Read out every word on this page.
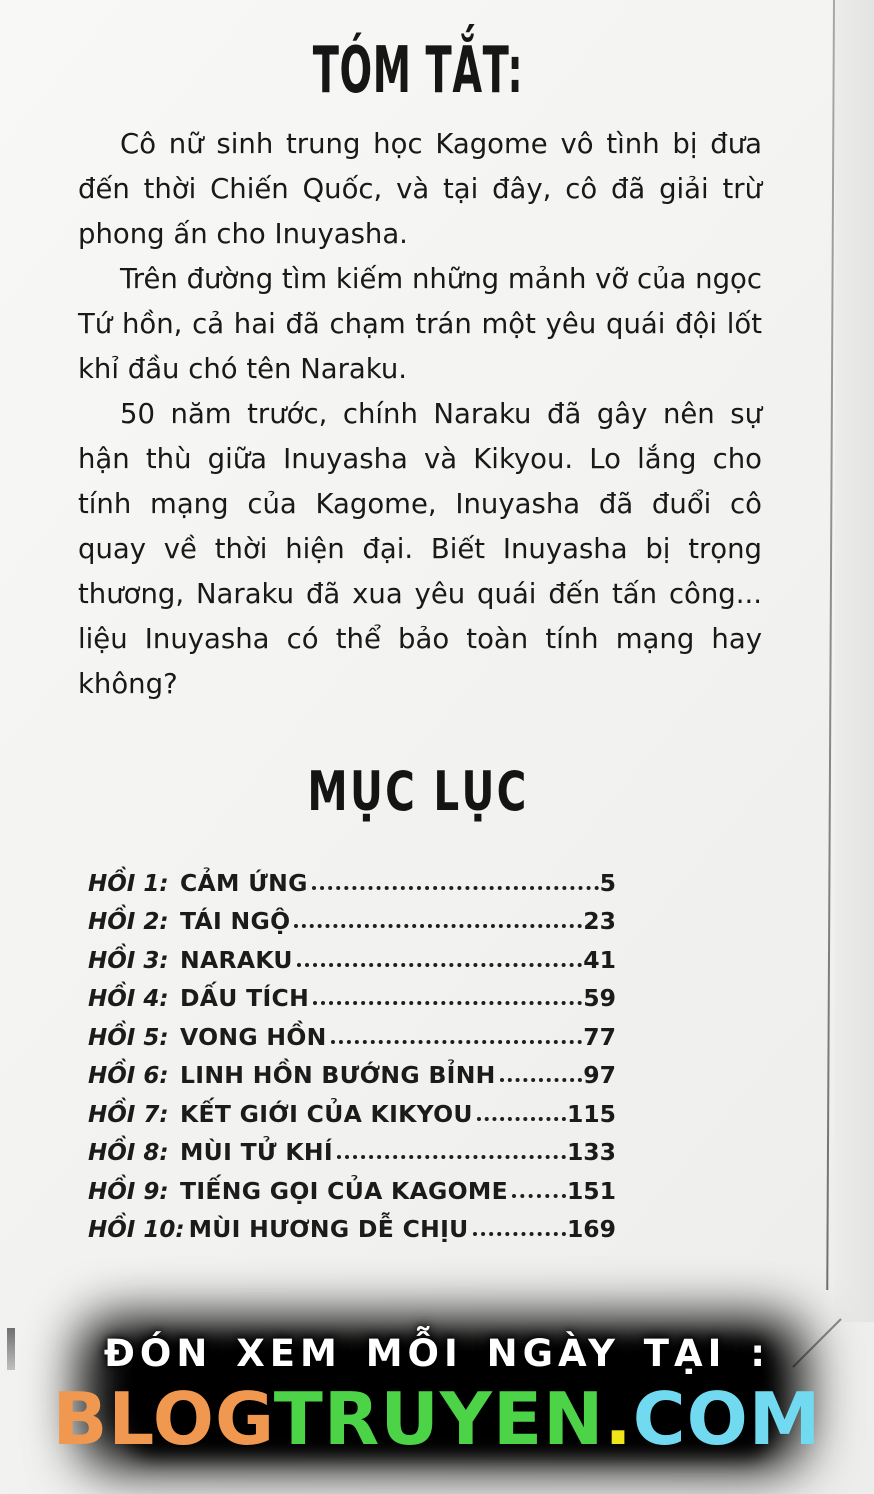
TÓM TẮT:

Cô nữ sinh trung học Kagome vô tình bị đưa đến thời Chiến Quốc, và tại đây, cô đã giải trừ phong ấn cho Inuyasha.

Trên đường tìm kiếm những mảnh vỡ của ngọc Tứ hồn, cả hai đã chạm trán một yêu quái đội lốt khỉ đầu chó tên Naraku.

50 năm trước, chính Naraku đã gây nên sự hận thù giữa Inuyasha và Kikyou. Lo lắng cho tính mạng của Kagome, Inuyasha đã đuổi cô quay về thời hiện đại. Biết Inuyasha bị trọng thương, Naraku đã xua yêu quái đến tấn công... liệu Inuyasha có thể bảo toàn tính mạng hay không?

MỤC LỤC
HỒI 1: CẢM ỨNG	5
HỒI 2: TÁI NGỘ	23
HỒI 3: NARAKU	41
HỒI 4: DẤU TÍCH	59
HỒI 5: VONG HỒN	77
HỒI 6: LINH HỒN BƯỚNG BỈNH	97
HỒI 7: KẾT GIỚI CỦA KIKYOU	115
HỒI 8: MÙI TỬ KHÍ	133
HỒI 9: TIẾNG GỌI CỦA KAGOME	151
HỒI 10: MÙI HƯƠNG DỄ CHỊU	169
ĐÓN XEM MỖI NGÀY TẠI :
BLOGTRUYEN.COM
